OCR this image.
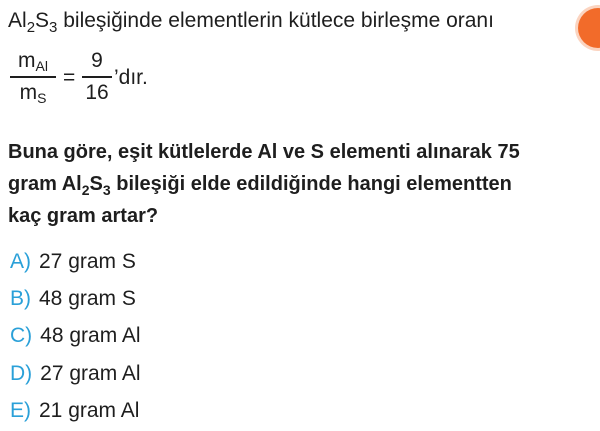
$Al_2S_3$ bileşiğinde elementlerin kütlece birleşme oranı
mAl
mS
=
9
16
’dır.
Buna göre, eşit kütlelerde Al ve S elementi alınarak 75
gram $Al_2S_3$ bileşiği elde edildiğinde hangi elementten
kaç gram artar?
A) 27 gram S
B) 48 gram S
C) 48 gram Al
D) 27 gram Al
E) 21 gram Al
